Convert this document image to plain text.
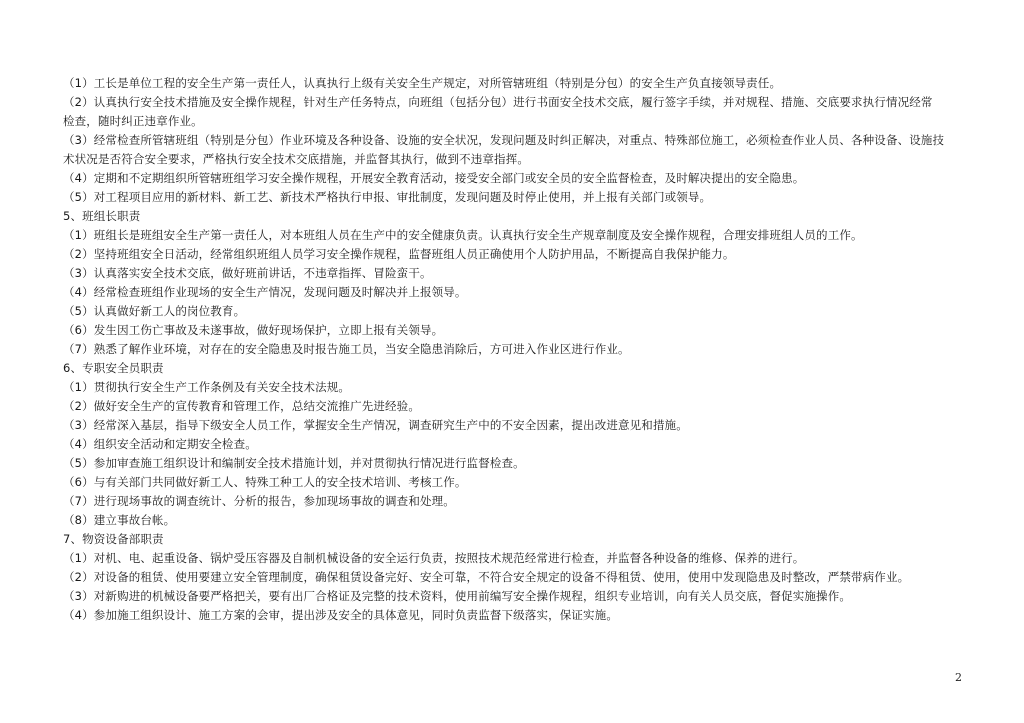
（1）工长是单位工程的安全生产第一责任人，认真执行上级有关安全生产规定，对所管辖班组（特别是分包）的安全生产负直接领导责任。
（2）认真执行安全技术措施及安全操作规程，针对生产任务特点，向班组（包括分包）进行书面安全技术交底，履行签字手续，并对规程、措施、交底要求执行情况经常
检查，随时纠正违章作业。
（3）经常检查所管辖班组（特别是分包）作业环境及各种设备、设施的安全状况，发现问题及时纠正解决，对重点、特殊部位施工，必须检查作业人员、各种设备、设施技
术状况是否符合安全要求，严格执行安全技术交底措施，并监督其执行，做到不违章指挥。
（4）定期和不定期组织所管辖班组学习安全操作规程，开展安全教育活动，接受安全部门或安全员的安全监督检查，及时解决提出的安全隐患。
（5）对工程项目应用的新材料、新工艺、新技术严格执行申报、审批制度，发现问题及时停止使用，并上报有关部门或领导。
5、班组长职责
（1）班组长是班组安全生产第一责任人，对本班组人员在生产中的安全健康负责。认真执行安全生产规章制度及安全操作规程，合理安排班组人员的工作。
（2）坚持班组安全日活动，经常组织班组人员学习安全操作规程，监督班组人员正确使用个人防护用品，不断提高自我保护能力。
（3）认真落实安全技术交底，做好班前讲话，不违章指挥、冒险蛮干。
（4）经常检查班组作业现场的安全生产情况，发现问题及时解决并上报领导。
（5）认真做好新工人的岗位教育。
（6）发生因工伤亡事故及未遂事故，做好现场保护，立即上报有关领导。
（7）熟悉了解作业环境，对存在的安全隐患及时报告施工员，当安全隐患消除后，方可进入作业区进行作业。
6、专职安全员职责
（1）贯彻执行安全生产工作条例及有关安全技术法规。
（2）做好安全生产的宣传教育和管理工作，总结交流推广先进经验。
（3）经常深入基层，指导下级安全人员工作，掌握安全生产情况，调查研究生产中的不安全因素，提出改进意见和措施。
（4）组织安全活动和定期安全检查。
（5）参加审查施工组织设计和编制安全技术措施计划，并对贯彻执行情况进行监督检查。
（6）与有关部门共同做好新工人、特殊工种工人的安全技术培训、考核工作。
（7）进行现场事故的调查统计、分析的报告，参加现场事故的调查和处理。
（8）建立事故台帐。
7、物资设备部职责
（1）对机、电、起重设备、锅炉受压容器及自制机械设备的安全运行负责，按照技术规范经常进行检查，并监督各种设备的维修、保养的进行。
（2）对设备的租赁、使用要建立安全管理制度，确保租赁设备完好、安全可靠，不符合安全规定的设备不得租赁、使用，使用中发现隐患及时整改，严禁带病作业。
（3）对新购进的机械设备要严格把关，要有出厂合格证及完整的技术资料，使用前编写安全操作规程，组织专业培训，向有关人员交底，督促实施操作。
（4）参加施工组织设计、施工方案的会审，提出涉及安全的具体意见，同时负责监督下级落实，保证实施。
2
